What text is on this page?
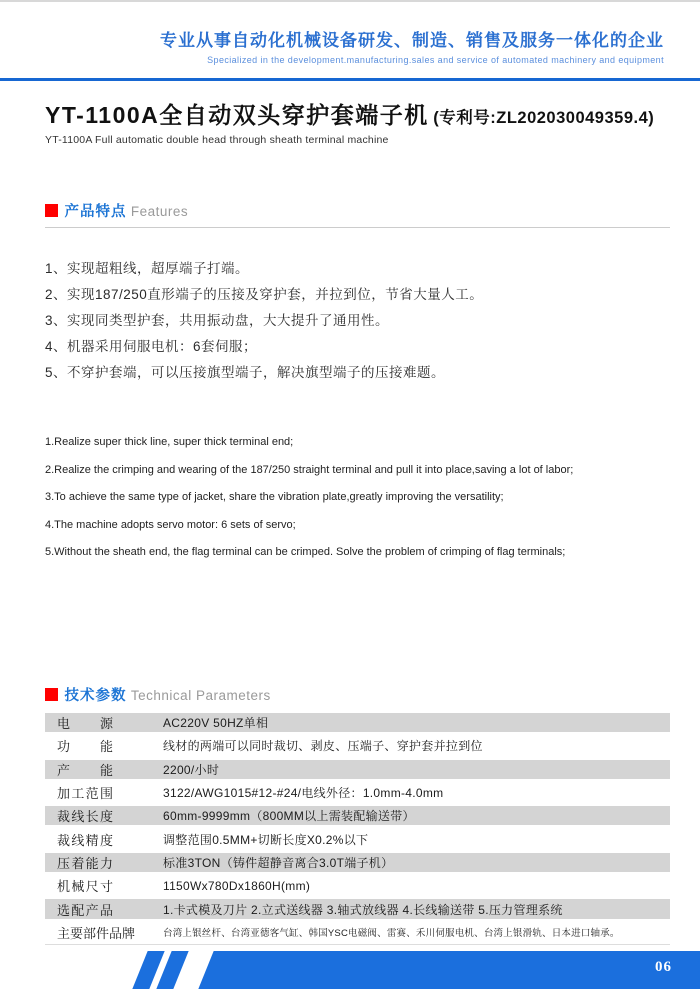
专业从事自动化机械设备研发、制造、销售及服务一体化的企业
Specialized in the development.manufacturing.sales and service of automated machinery and equipment
YT-1100A全自动双头穿护套端子机 (专利号:ZL202030049359.4)
YT-1100A Full automatic double head through sheath terminal machine
产品特点 Features
1、实现超粗线，超厚端子打端。
2、实现187/250直形端子的压接及穿护套，并拉到位，节省大量人工。
3、实现同类型护套，共用振动盘，大大提升了通用性。
4、机器采用伺服电机：6套伺服；
5、不穿护套端，可以压接旗型端子，解决旗型端子的压接难题。
1.Realize super thick line, super thick terminal end;
2.Realize the crimping and wearing of the 187/250 straight terminal and pull it into place,saving a lot of labor;
3.To achieve the same type of jacket, share the vibration plate,greatly improving the versatility;
4.The machine adopts servo motor: 6 sets of servo;
5.Without the sheath end, the flag terminal can be crimped. Solve the problem of crimping of flag terminals;
技术参数 Technical Parameters
电 源	AC220V 50HZ单相
功 能	线材的两端可以同时裁切、剥皮、压端子、穿护套并拉到位
产 能	2200/小时
加工范围	3122/AWG1015#12-#24/电线外径：1.0mm-4.0mm
裁线长度	60mm-9999mm（800MM以上需装配输送带）
裁线精度	调整范围0.5MM+切断长度X0.2%以下
压着能力	标准3TON（铸件超静音离合3.0T端子机）
机械尺寸	1150Wx780Dx1860H(mm)
选配产品	1.卡式模及刀片 2.立式送线器 3.轴式放线器 4.长线输送带 5.压力管理系统
主要部件品牌	台湾上银丝杆、台湾亚德客气缸、韩国YSC电磁阀、雷赛、禾川伺服电机、台湾上银滑轨、日本进口轴承。
06
